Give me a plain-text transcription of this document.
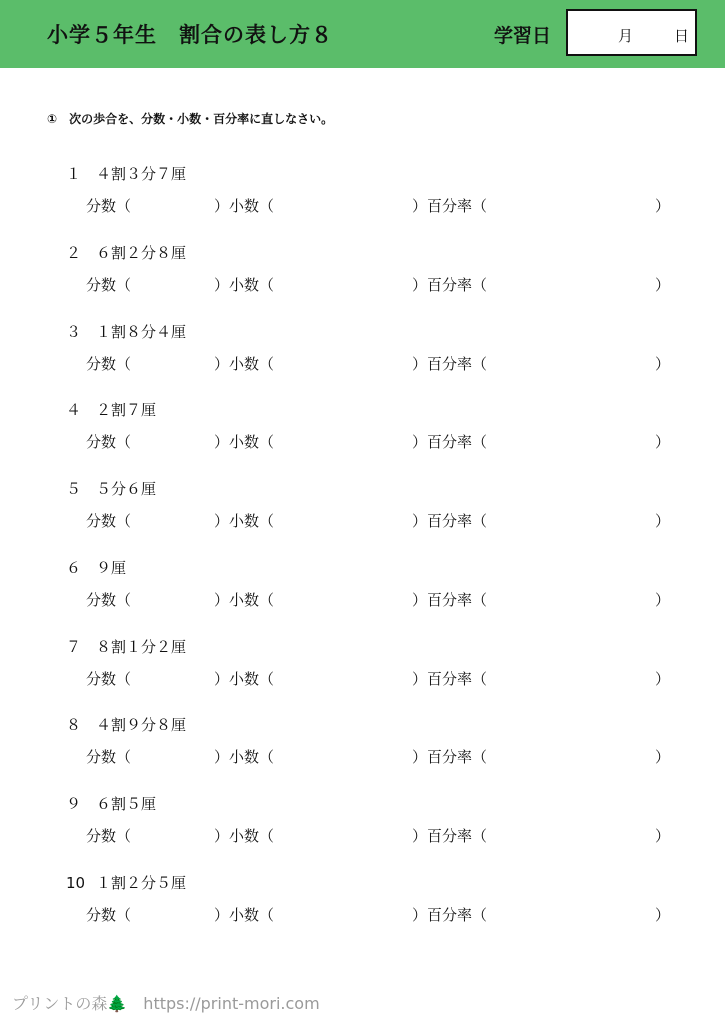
小学５年生　割合の表し方８	学習日	月	日
① 次の歩合を、分数・小数・百分率に直しなさい。
１ ４割３分７厘
分数（	）小数（	）百分率（	）
２ ６割２分８厘
分数（	）小数（	）百分率（	）
３ １割８分４厘
分数（	）小数（	）百分率（	）
４ ２割７厘
分数（	）小数（	）百分率（	）
５ ５分６厘
分数（	）小数（	）百分率（	）
６ ９厘
分数（	）小数（	）百分率（	）
７ ８割１分２厘
分数（	）小数（	）百分率（	）
８ ４割９分８厘
分数（	）小数（	）百分率（	）
９ ６割５厘
分数（	）小数（	）百分率（	）
10 １割２分５厘
分数（	）小数（	）百分率（	）
プリントの森🌲 https://print-mori.com
